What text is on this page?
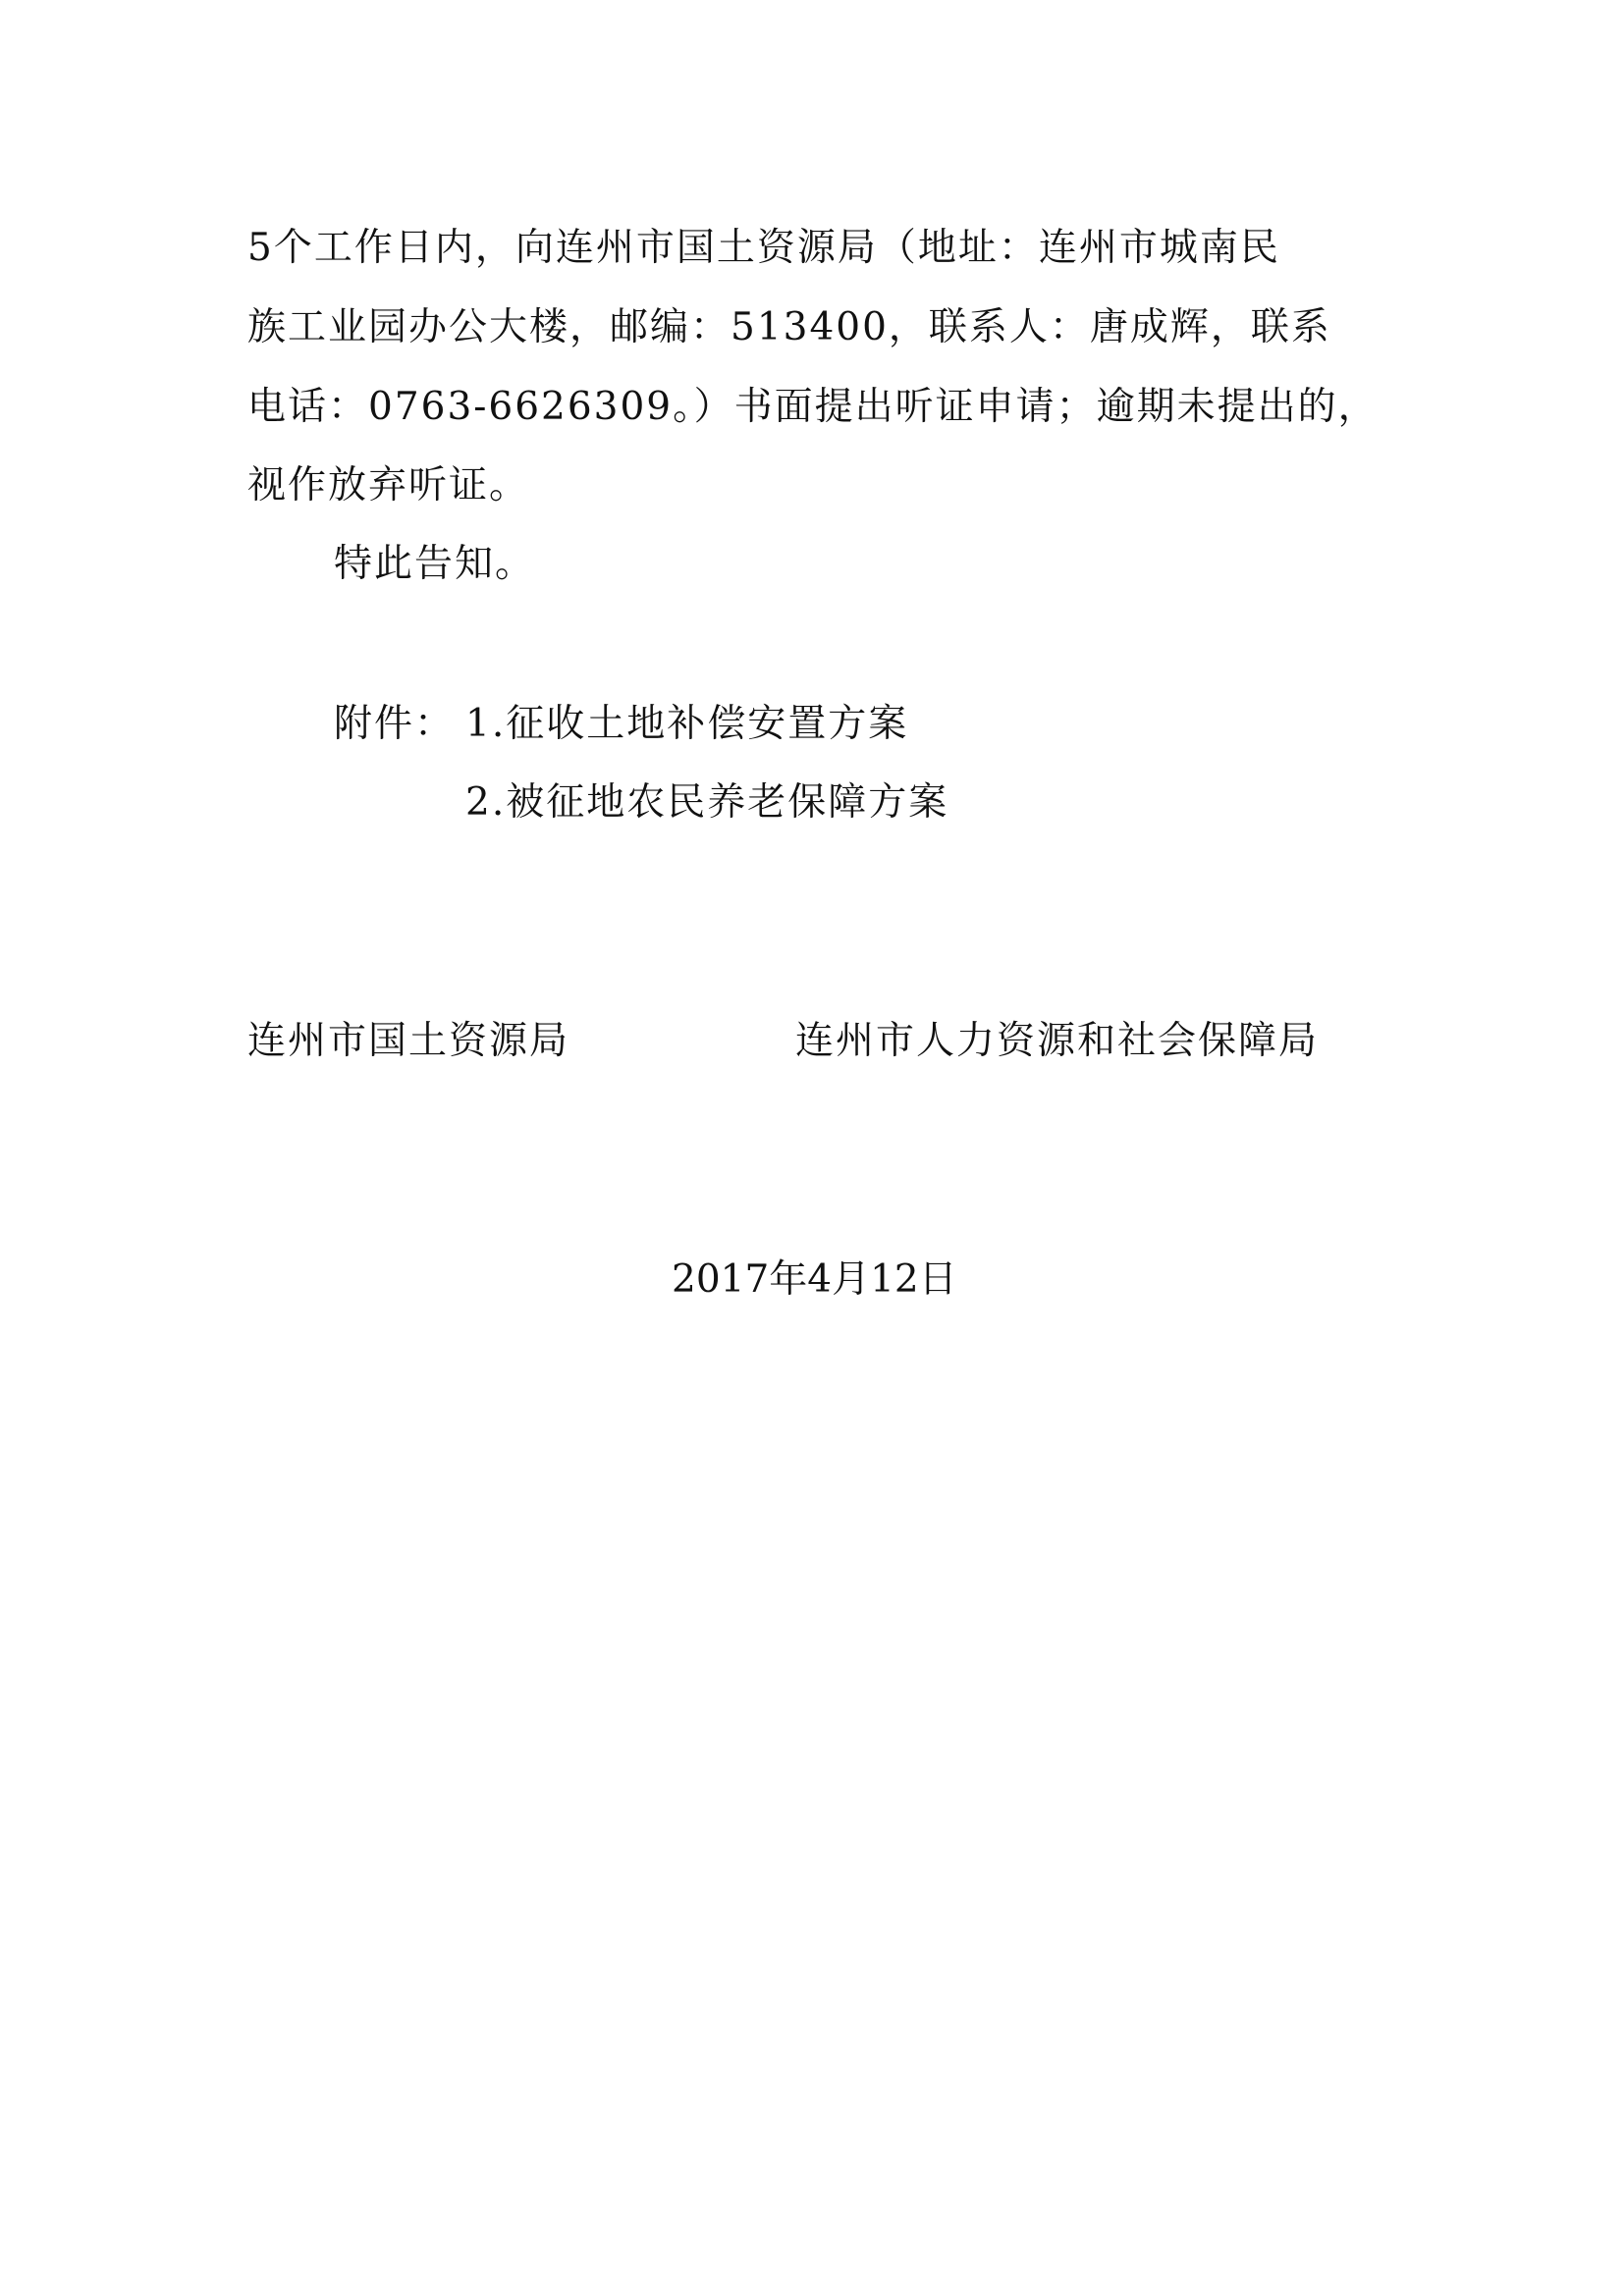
5个工作日内，向连州市国土资源局（地址：连州市城南民
族工业园办公大楼，邮编：513400，联系人：唐成辉，联系
电话：0763-6626309。）书面提出听证申请；逾期未提出的，
视作放弃听证。
特此告知。
附件： 1.征收土地补偿安置方案
2.被征地农民养老保障方案
连州市国土资源局	连州市人力资源和社会保障局
2017年4月12日
